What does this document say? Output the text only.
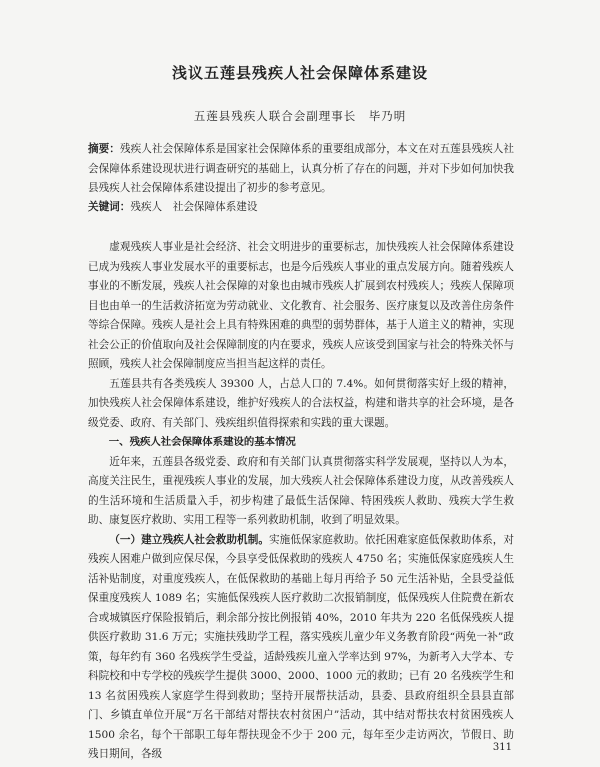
浅议五莲县残疾人社会保障体系建设
五莲县残疾人联合会副理事长　毕乃明

摘要：残疾人社会保障体系是国家社会保障体系的重要组成部分，本文在对五莲县残疾人社会保障体系建设现状进行调查研究的基础上，认真分析了存在的问题，并对下步如何加快我县残疾人社会保障体系建设提出了初步的参考意见。

关键词：残疾人　社会保障体系建设

虚观残疾人事业是社会经济、社会文明进步的重要标志，加快残疾人社会保障体系建设已成为残疾人事业发展水平的重要标志，也是今后残疾人事业的重点发展方向。随着残疾人事业的不断发展，残疾人社会保障的对象也由城市残疾人扩展到农村残疾人；残疾人保障项目也由单一的生活救济拓宽为劳动就业、文化教育、社会服务、医疗康复以及改善住房条件等综合保障。残疾人是社会上具有特殊困难的典型的弱势群体，基于人道主义的精神，实现社会公正的价值取向及社会保障制度的内在要求，残疾人应该受到国家与社会的特殊关怀与照顾，残疾人社会保障制度应当担当起这样的责任。

五莲县共有各类残疾人 39300 人，占总人口的 7.4%。如何贯彻落实好上级的精神，加快残疾人社会保障体系建设，维护好残疾人的合法权益，构建和谐共享的社会环境，是各级党委、政府、有关部门、残疾组织值得探索和实践的重大课题。

一、残疾人社会保障体系建设的基本情况

近年来，五莲县各级党委、政府和有关部门认真贯彻落实科学发展观，坚持以人为本，高度关注民生，重视残疾人事业的发展，加大残疾人社会保障体系建设力度，从改善残疾人的生活环境和生活质量入手，初步构建了最低生活保障、特困残疾人救助、残疾大学生救助、康复医疗救助、实用工程等一系列救助机制，收到了明显效果。

（一）建立残疾人社会救助机制。实施低保家庭救助。依托困难家庭低保救助体系，对残疾人困难户做到应保尽保，今县享受低保救助的残疾人 4750 名；实施低保家庭残疾人生活补贴制度，对重度残疾人，在低保救助的基础上每月再给予 50 元生活补贴，全县受益低保重度残疾人 1089 名；实施低保残疾人医疗救助二次报销制度，低保残疾人住院费在新农合或城镇医疗保险报销后，剩余部分按比例报销 40%，2010 年共为 220 名低保残疾人提供医疗救助 31.6 万元；实施扶残助学工程，落实残疾儿童少年义务教育阶段“两免一补”政策，每年约有 360 名残疾学生受益，适龄残疾儿童入学率达到 97%，为新考入大学本、专科院校和中专学校的残疾学生提供 3000、2000、1000 元的救助；已有 20 名残疾学生和 13 名贫困残疾人家庭学生得到救助；坚持开展帮扶活动，县委、县政府组织全县县直部门、乡镇直单位开展“万名干部结对帮扶农村贫困户”活动，其中结对帮扶农村贫困残疾人 1500 余名，每个干部职工每年帮扶现金不少于 200 元，每年至少走访两次，节假日、助残日期间，各级

311
